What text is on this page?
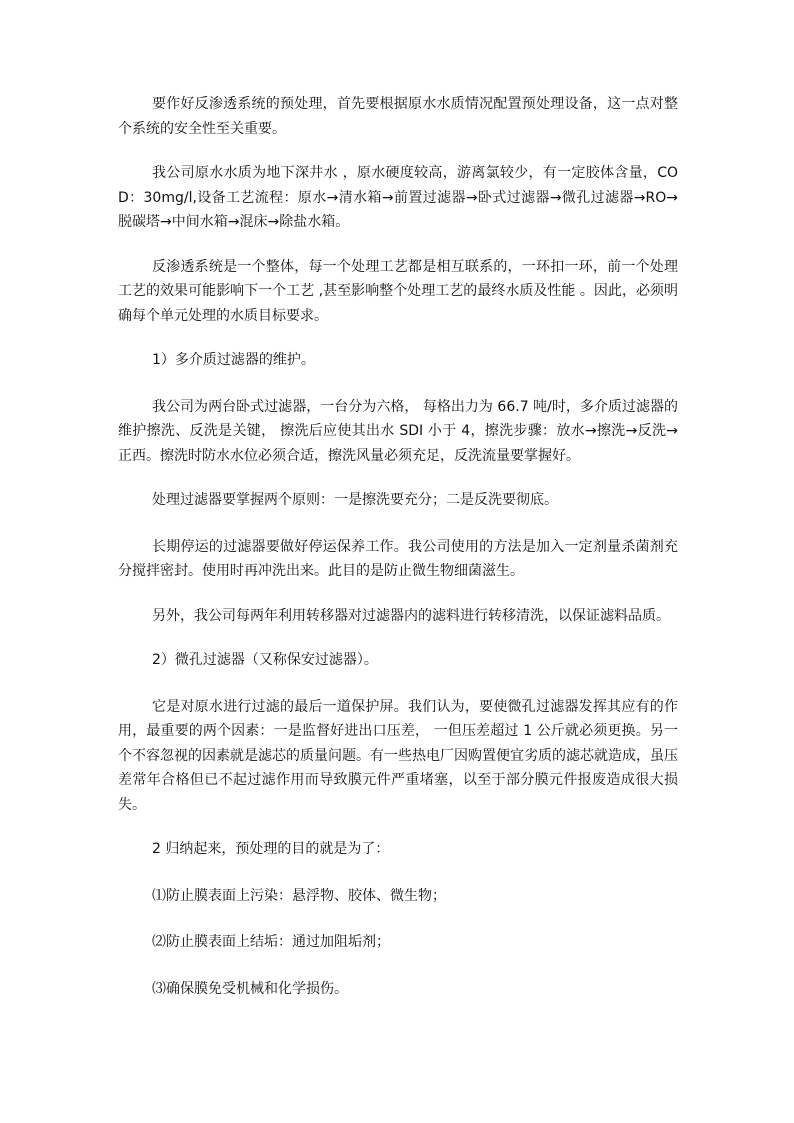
要作好反渗透系统的预处理，首先要根据原水水质情况配置预处理设备，这一点对整个系统的安全性至关重要。

我公司原水水质为地下深井水 ，原水硬度较高，游离氯较少，有一定胶体含量，COD：30mg/l,设备工艺流程：原水→清水箱→前置过滤器→卧式过滤器→微孔过滤器→RO→脱碳塔→中间水箱→混床→除盐水箱。

反渗透系统是一个整体，每一个处理工艺都是相互联系的，一环扣一环，前一个处理工艺的效果可能影响下一个工艺 ,甚至影响整个处理工艺的最终水质及性能 。因此，必须明确每个单元处理的水质目标要求。

1）多介质过滤器的维护。

我公司为两台卧式过滤器，一台分为六格， 每格出力为 66.7 吨/时，多介质过滤器的维护擦洗、反洗是关键， 擦洗后应使其出水 SDI 小于 4，擦洗步骤：放水→擦洗→反洗→正西。擦洗时防水水位必须合适，擦洗风量必须充足，反洗流量要掌握好。

处理过滤器要掌握两个原则：一是擦洗要充分；二是反洗要彻底。

长期停运的过滤器要做好停运保养工作。我公司使用的方法是加入一定剂量杀菌剂充分搅拌密封。使用时再冲洗出来。此目的是防止微生物细菌滋生。

另外，我公司每两年利用转移器对过滤器内的滤料进行转移清洗，以保证滤料品质。

2）微孔过滤器（又称保安过滤器）。

它是对原水进行过滤的最后一道保护屏。我们认为，要使微孔过滤器发挥其应有的作用，最重要的两个因素：一是监督好进出口压差， 一但压差超过 1 公斤就必须更换。另一个不容忽视的因素就是滤芯的质量问题。有一些热电厂因购置便宜劣质的滤芯就造成，虽压差常年合格但已不起过滤作用而导致膜元件严重堵塞，以至于部分膜元件报废造成很大损失。

2 归纳起来，预处理的目的就是为了：

⑴防止膜表面上污染：悬浮物、胶体、微生物；

⑵防止膜表面上结垢：通过加阻垢剂；

⑶确保膜免受机械和化学损伤。
